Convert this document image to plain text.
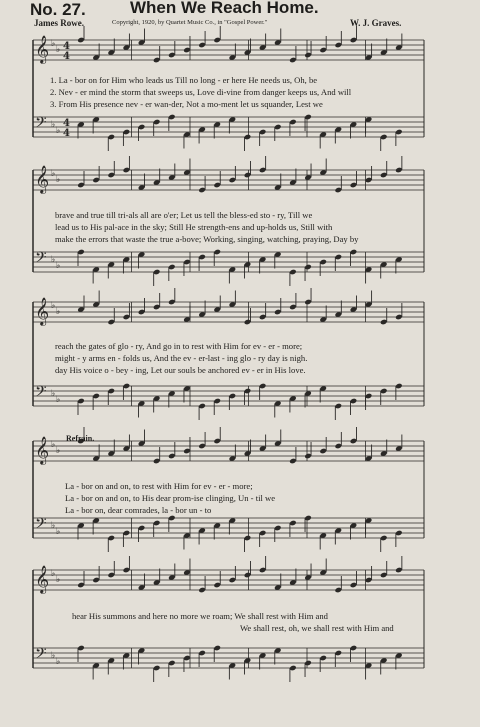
No. 27.	When We Reach Home.
James Rowe.	Copyright, 1920, by Quartet Music Co., in "Gospel Power."	W. J. Graves.
𝄞 ♭
♭
𝄢 ♭
♭
𝄞 ♭
♭
𝄢 ♭
♭
𝄞 ♭
♭
𝄢 ♭
♭
𝄞 ♭
♭
𝄢 ♭
♭
𝄞 ♭
♭
𝄢 ♭
♭
4
4
4
4
Refrain.
1. La - bor on for Him who leads us Till no long - er here He needs us, Oh, be
2. Nev - er mind the storm that sweeps us, Love di-vine from danger keeps us, And will
3. From His presence nev - er wan-der, Not a mo-ment let us squander, Lest we
brave and true till tri-als all are o'er; Let us tell the bless-ed sto - ry, Till we
lead us to His pal-ace in the sky; Still He strength-ens and up-holds us, Still with
make the errors that waste the true a-bove; Working, singing, watching, praying, Day by
reach the gates of glo - ry, And go in to rest with Him for ev - er - more;
might - y arms en - folds us, And the ev - er-last - ing glo - ry day is nigh.
day His voice o - bey - ing, Let our souls be anchored ev - er in His love.
La - bor on and on, to rest with Him for ev - er - more;
La - bor on and on, to His dear prom-ise clinging, Un - til we
La - bor on, dear comrades, la - bor un - to
hear His summons and here no more we roam; We shall rest with Him and
We shall rest, oh, we shall rest with Him and
